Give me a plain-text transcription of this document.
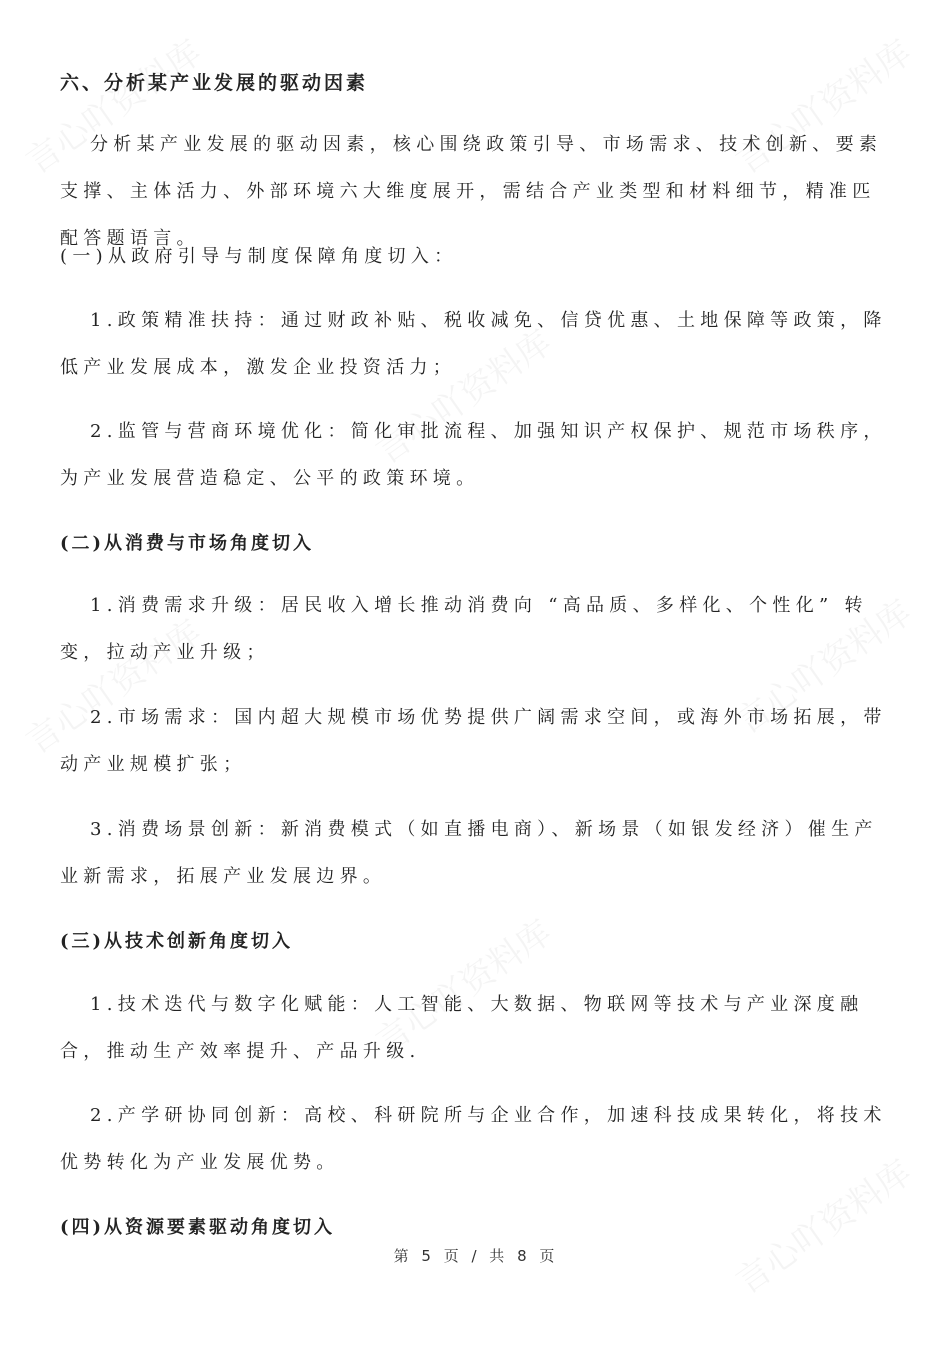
六、分析某产业发展的驱动因素
分析某产业发展的驱动因素，核心围绕政策引导、市场需求、技术创新、要素支撑、主体活力、外部环境六大维度展开，需结合产业类型和材料细节，精准匹配答题语言。
(一)从政府引导与制度保障角度切入：
1.政策精准扶持：通过财政补贴、税收减免、信贷优惠、土地保障等政策，降低产业发展成本，激发企业投资活力；
2.监管与营商环境优化：简化审批流程、加强知识产权保护、规范市场秩序，为产业发展营造稳定、公平的政策环境。
(二)从消费与市场角度切入
1.消费需求升级：居民收入增长推动消费向 “高品质、多样化、个性化” 转变，拉动产业升级；
2.市场需求：国内超大规模市场优势提供广阔需求空间，或海外市场拓展，带动产业规模扩张；
3.消费场景创新：新消费模式（如直播电商）、新场景（如银发经济）催生产业新需求，拓展产业发展边界。
(三)从技术创新角度切入
1.技术迭代与数字化赋能：人工智能、大数据、物联网等技术与产业深度融合，推动生产效率提升、产品升级.
2.产学研协同创新：高校、科研院所与企业合作，加速科技成果转化，将技术优势转化为产业发展优势。
(四)从资源要素驱动角度切入
第 5 页 / 共 8 页
